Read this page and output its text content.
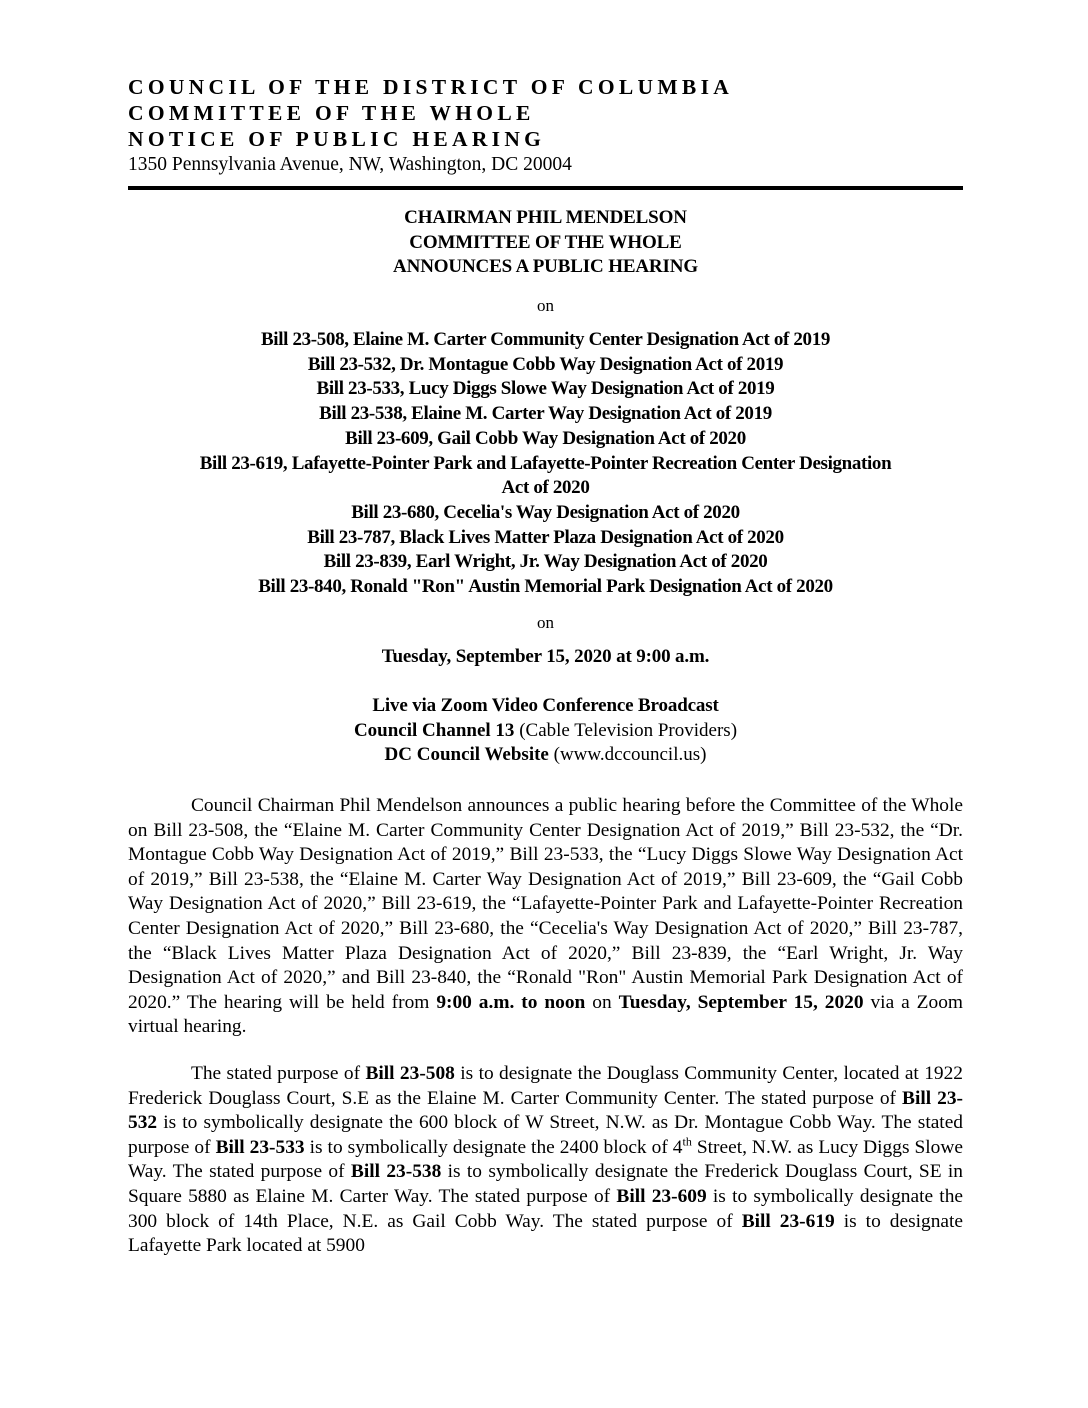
COUNCIL OF THE DISTRICT OF COLUMBIA
COMMITTEE OF THE WHOLE
NOTICE OF PUBLIC HEARING
1350 Pennsylvania Avenue, NW, Washington, DC 20004
CHAIRMAN PHIL MENDELSON
COMMITTEE OF THE WHOLE
ANNOUNCES A PUBLIC HEARING
on
Bill 23-508, Elaine M. Carter Community Center Designation Act of 2019
Bill 23-532, Dr. Montague Cobb Way Designation Act of 2019
Bill 23-533, Lucy Diggs Slowe Way Designation Act of 2019
Bill 23-538, Elaine M. Carter Way Designation Act of 2019
Bill 23-609, Gail Cobb Way Designation Act of 2020
Bill 23-619, Lafayette-Pointer Park and Lafayette-Pointer Recreation Center Designation
Act of 2020
Bill 23-680, Cecelia's Way Designation Act of 2020
Bill 23-787, Black Lives Matter Plaza Designation Act of 2020
Bill 23-839, Earl Wright, Jr. Way Designation Act of 2020
Bill 23-840, Ronald "Ron" Austin Memorial Park Designation Act of 2020
on
Tuesday, September 15, 2020 at 9:00 a.m.
Live via Zoom Video Conference Broadcast
Council Channel 13 (Cable Television Providers)
DC Council Website (www.dccouncil.us)
Council Chairman Phil Mendelson announces a public hearing before the Committee of the Whole on Bill 23-508, the “Elaine M. Carter Community Center Designation Act of 2019,” Bill 23-532, the “Dr. Montague Cobb Way Designation Act of 2019,” Bill 23-533, the “Lucy Diggs Slowe Way Designation Act of 2019,” Bill 23-538, the “Elaine M. Carter Way Designation Act of 2019,” Bill 23-609, the “Gail Cobb Way Designation Act of 2020,” Bill 23-619, the “Lafayette-Pointer Park and Lafayette-Pointer Recreation Center Designation Act of 2020,” Bill 23-680, the “Cecelia's Way Designation Act of 2020,” Bill 23-787, the “Black Lives Matter Plaza Designation Act of 2020,” Bill 23-839, the “Earl Wright, Jr. Way Designation Act of 2020,” and Bill 23-840, the “Ronald "Ron" Austin Memorial Park Designation Act of 2020.” The hearing will be held from 9:00 a.m. to noon on Tuesday, September 15, 2020 via a Zoom virtual hearing.
The stated purpose of Bill 23-508 is to designate the Douglass Community Center, located at 1922 Frederick Douglass Court, S.E as the Elaine M. Carter Community Center. The stated purpose of Bill 23-532 is to symbolically designate the 600 block of W Street, N.W. as Dr. Montague Cobb Way. The stated purpose of Bill 23-533 is to symbolically designate the 2400 block of 4th Street, N.W. as Lucy Diggs Slowe Way. The stated purpose of Bill 23-538 is to symbolically designate the Frederick Douglass Court, SE in Square 5880 as Elaine M. Carter Way. The stated purpose of Bill 23-609 is to symbolically designate the 300 block of 14th Place, N.E. as Gail Cobb Way. The stated purpose of Bill 23-619 is to designate Lafayette Park located at 5900
